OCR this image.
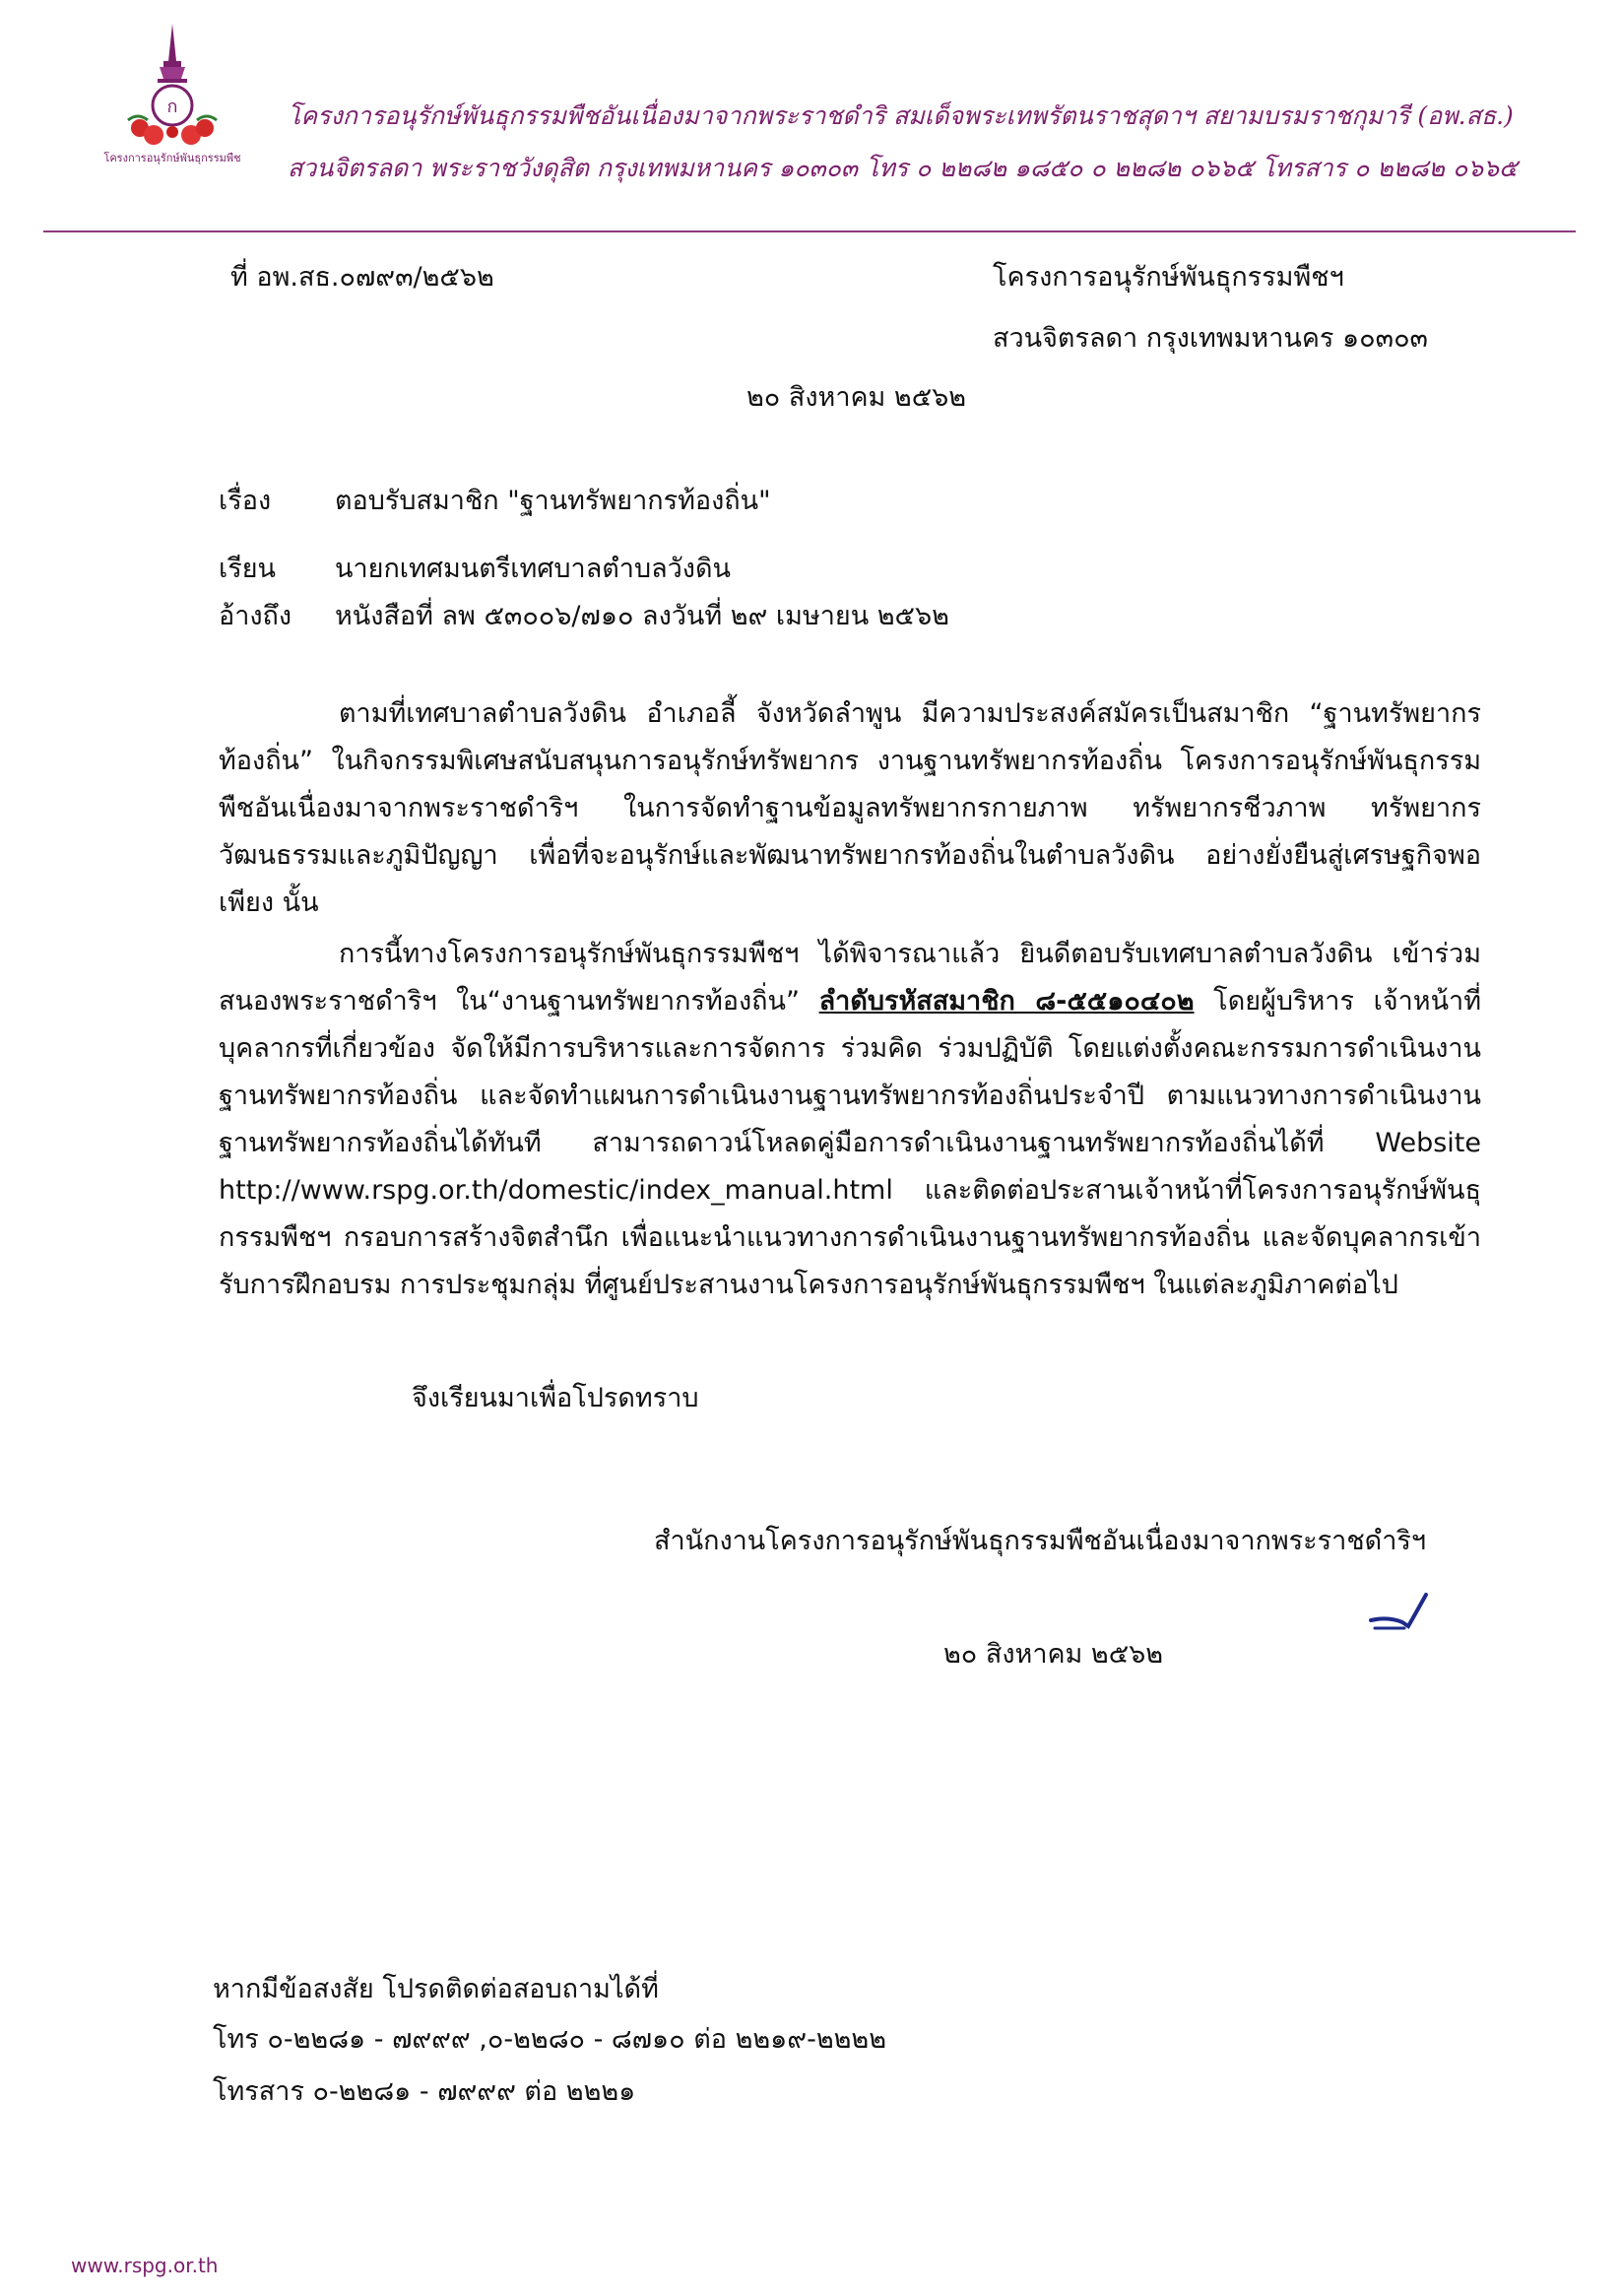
ก
โครงการอนุรักษ์พันธุกรรมพืช
โครงการอนุรักษ์พันธุกรรมพืชอันเนื่องมาจากพระราชดำริ สมเด็จพระเทพรัตนราชสุดาฯ สยามบรมราชกุมารี (อพ.สธ.)
สวนจิตรลดา พระราชวังดุสิต กรุงเทพมหานคร ๑๐๓๐๓ โทร ๐ ๒๒๘๒ ๑๘๕๐ ๐ ๒๒๘๒ ๐๖๖๕ โทรสาร ๐ ๒๒๘๒ ๐๖๖๕
ที่ อพ.สธ.๐๗๙๓/๒๕๖๒	โครงการอนุรักษ์พันธุกรรมพืชฯ
สวนจิตรลดา กรุงเทพมหานคร ๑๐๓๐๓
๒๐ สิงหาคม ๒๕๖๒
เรื่อง ตอบรับสมาชิก "ฐานทรัพยากรท้องถิ่น"
เรียน นายกเทศมนตรีเทศบาลตำบลวังดิน
อ้างถึง หนังสือที่ ลพ ๕๓๐๐๖/๗๑๐ ลงวันที่ ๒๙ เมษายน ๒๕๖๒

ตามที่เทศบาลตำบลวังดิน อำเภอลี้ จังหวัดลำพูน มีความประสงค์สมัครเป็นสมาชิก “ฐานทรัพยากรท้องถิ่น” ในกิจกรรมพิเศษสนับสนุนการอนุรักษ์ทรัพยากร งานฐานทรัพยากรท้องถิ่น โครงการอนุรักษ์พันธุกรรมพืชอันเนื่องมาจากพระราชดำริฯ ในการจัดทำฐานข้อมูลทรัพยากรกายภาพ ทรัพยากรชีวภาพ ทรัพยากรวัฒนธรรมและภูมิปัญญา เพื่อที่จะอนุรักษ์และพัฒนาทรัพยากรท้องถิ่นในตำบลวังดิน อย่างยั่งยืนสู่เศรษฐกิจพอเพียง นั้น

การนี้ทางโครงการอนุรักษ์พันธุกรรมพืชฯ ได้พิจารณาแล้ว ยินดีตอบรับเทศบาลตำบลวังดิน เข้าร่วมสนองพระราชดำริฯ ใน“งานฐานทรัพยากรท้องถิ่น” ลำดับรหัสสมาชิก ๘-๕๕๑๐๔๐๒ โดยผู้บริหาร เจ้าหน้าที่ บุคลากรที่เกี่ยวข้อง จัดให้มีการบริหารและการจัดการ ร่วมคิด ร่วมปฏิบัติ โดยแต่งตั้งคณะกรรมการดำเนินงานฐานทรัพยากรท้องถิ่น และจัดทำแผนการดำเนินงานฐานทรัพยากรท้องถิ่นประจำปี ตามแนวทางการดำเนินงานฐานทรัพยากรท้องถิ่นได้ทันที สามารถดาวน์โหลดคู่มือการดำเนินงานฐานทรัพยากรท้องถิ่นได้ที่ Website http://www.rspg.or.th/domestic/index_manual.html และติดต่อประสานเจ้าหน้าที่โครงการอนุรักษ์พันธุกรรมพืชฯ กรอบการสร้างจิตสำนึก เพื่อแนะนำแนวทางการดำเนินงานฐานทรัพยากรท้องถิ่น และจัดบุคลากรเข้ารับการฝึกอบรม การประชุมกลุ่ม ที่ศูนย์ประสานงานโครงการอนุรักษ์พันธุกรรมพืชฯ ในแต่ละภูมิภาคต่อไป

จึงเรียนมาเพื่อโปรดทราบ
สำนักงานโครงการอนุรักษ์พันธุกรรมพืชอันเนื่องมาจากพระราชดำริฯ
๒๐ สิงหาคม ๒๕๖๒
หากมีข้อสงสัย โปรดติดต่อสอบถามได้ที่
โทร ๐-๒๒๘๑ - ๗๙๙๙ ,๐-๒๒๘๐ - ๘๗๑๐ ต่อ ๒๒๑๙-๒๒๒๒
โทรสาร ๐-๒๒๘๑ - ๗๙๙๙ ต่อ ๒๒๒๑
www.rspg.or.th
